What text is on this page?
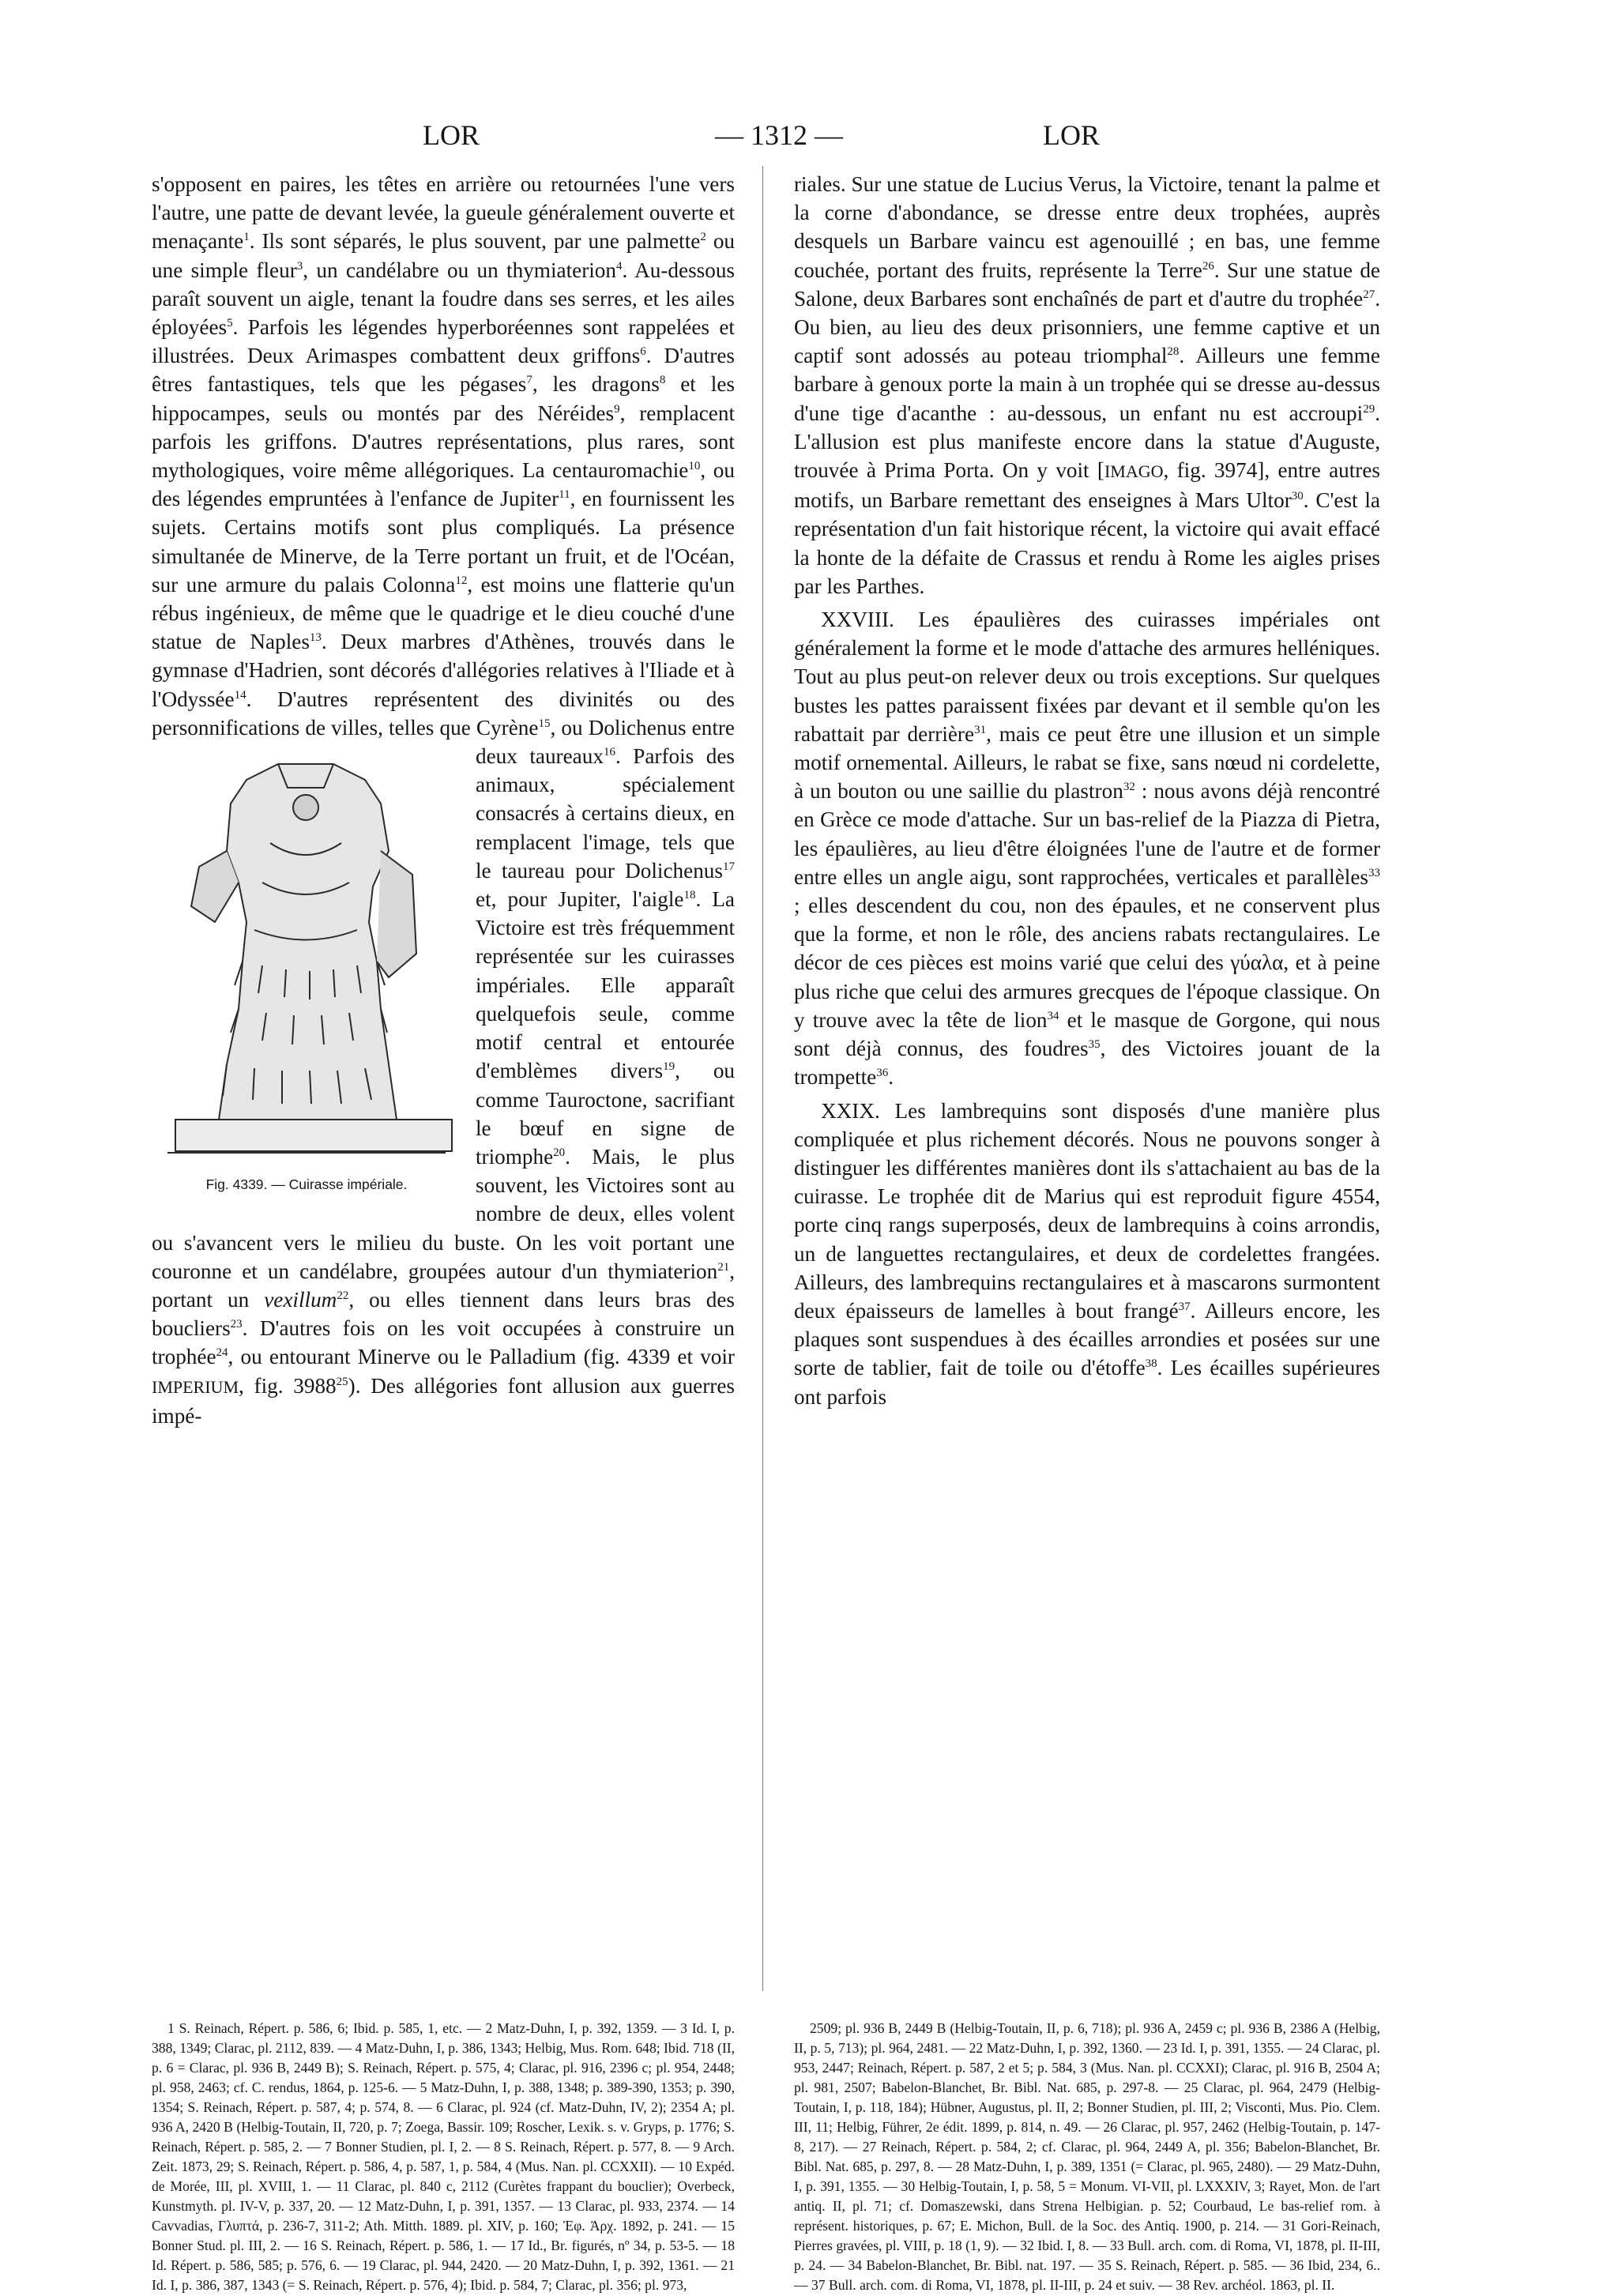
LOR	— 1312 —	LOR

s'opposent en paires, les têtes en arrière ou retournées l'une vers l'autre, une patte de devant levée, la gueule généralement ouverte et menaçante$^1$. Ils sont séparés, le plus souvent, par une palmette$^2$ ou une simple fleur$^3$, un candélabre ou un thymiaterion$^4$. Au-dessous paraît souvent un aigle, tenant la foudre dans ses serres, et les ailes éployées$^5$. Parfois les légendes hyperboréennes sont rappelées et illustrées. Deux Arimaspes combattent deux griffons$^6$. D'autres êtres fantastiques, tels que les pégases$^7$, les dragons$^8$ et les hippocampes, seuls ou montés par des Néréides$^9$, remplacent parfois les griffons. D'autres représentations, plus rares, sont mythologiques, voire même allégoriques. La centauromachie$^{10}$, ou des légendes empruntées à l'enfance de Jupiter$^{11}$, en fournissent les sujets. Certains motifs sont plus compliqués. La présence simultanée de Minerve, de la Terre portant un fruit, et de l'Océan, sur une armure du palais Colonna$^{12}$, est moins une flatterie qu'un rébus ingénieux, de même que le quadrige et le dieu couché d'une statue de Naples$^{13}$. Deux marbres d'Athènes, trouvés dans le gymnase d'Hadrien, sont décorés d'allégories relatives à l'Iliade et à l'Odyssée$^{14}$. D'autres représentent des divinités ou des personnifications de villes, telles que Cyrène
Fig. 4339. — Cuirasse impériale.
$^{15}$, ou Dolichenus entre deux taureaux$^{16}$. Parfois des animaux, spécialement consacrés à certains dieux, en remplacent l'image, tels que le taureau pour Dolichenus$^{17}$ et, pour Jupiter, l'aigle$^{18}$. La Victoire est très fréquemment représentée sur les cuirasses impériales. Elle apparaît quelquefois seule, comme motif central et entourée d'emblèmes divers$^{19}$, ou comme Tauroctone, sacrifiant le bœuf en signe de triomphe$^{20}$. Mais, le plus souvent, les Victoires sont au nombre de deux, elles volent ou s'avancent vers le milieu du buste. On les voit portant une couronne et un candélabre, groupées autour d'un thymiaterion$^{21}$, portant un vexillum$^{22}$, ou elles tiennent dans leurs bras des boucliers$^{23}$. D'autres fois on les voit occupées à construire un trophée$^{24}$, ou entourant Minerve ou le Palladium (fig. 4339 et voir IMPERIUM, fig. 3988$^{25}$). Des allégories font allusion aux guerres impé-

riales. Sur une statue de Lucius Verus, la Victoire, tenant la palme et la corne d'abondance, se dresse entre deux trophées, auprès desquels un Barbare vaincu est agenouillé ; en bas, une femme couchée, portant des fruits, représente la Terre$^{26}$. Sur une statue de Salone, deux Barbares sont enchaînés de part et d'autre du trophée$^{27}$. Ou bien, au lieu des deux prisonniers, une femme captive et un captif sont adossés au poteau triomphal$^{28}$. Ailleurs une femme barbare à genoux porte la main à un trophée qui se dresse au-dessus d'une tige d'acanthe : au-dessous, un enfant nu est accroupi$^{29}$. L'allusion est plus manifeste encore dans la statue d'Auguste, trouvée à Prima Porta. On y voit [IMAGO, fig. 3974], entre autres motifs, un Barbare remettant des enseignes à Mars Ultor$^{30}$. C'est la représentation d'un fait historique récent, la victoire qui avait effacé la honte de la défaite de Crassus et rendu à Rome les aigles prises par les Parthes.

XXVIII. Les épaulières des cuirasses impériales ont généralement la forme et le mode d'attache des armures helléniques. Tout au plus peut-on relever deux ou trois exceptions. Sur quelques bustes les pattes paraissent fixées par devant et il semble qu'on les rabattait par derrière$^{31}$, mais ce peut être une illusion et un simple motif ornemental. Ailleurs, le rabat se fixe, sans nœud ni cordelette, à un bouton ou une saillie du plastron$^{32}$ : nous avons déjà rencontré en Grèce ce mode d'attache. Sur un bas-relief de la Piazza di Pietra, les épaulières, au lieu d'être éloignées l'une de l'autre et de former entre elles un angle aigu, sont rapprochées, verticales et parallèles$^{33}$ ; elles descendent du cou, non des épaules, et ne conservent plus que la forme, et non le rôle, des anciens rabats rectangulaires. Le décor de ces pièces est moins varié que celui des γύαλα, et à peine plus riche que celui des armures grecques de l'époque classique. On y trouve avec la tête de lion$^{34}$ et le masque de Gorgone, qui nous sont déjà connus, des foudres$^{35}$, des Victoires jouant de la trompette$^{36}$.

XXIX. Les lambrequins sont disposés d'une manière plus compliquée et plus richement décorés. Nous ne pouvons songer à distinguer les différentes manières dont ils s'attachaient au bas de la cuirasse. Le trophée dit de Marius qui est reproduit figure 4554, porte cinq rangs superposés, deux de lambrequins à coins arrondis, un de languettes rectangulaires, et deux de cordelettes frangées. Ailleurs, des lambrequins rectangulaires et à mascarons surmontent deux épaisseurs de lamelles à bout frangé$^{37}$. Ailleurs encore, les plaques sont suspendues à des écailles arrondies et posées sur une sorte de tablier, fait de toile ou d'étoffe$^{38}$. Les écailles supérieures ont parfois

1 S. Reinach, Répert. p. 586, 6; Ibid. p. 585, 1, etc. — 2 Matz-Duhn, I, p. 392, 1359. — 3 Id. I, p. 388, 1349; Clarac, pl. 2112, 839. — 4 Matz-Duhn, I, p. 386, 1343; Helbig, Mus. Rom. 648; Ibid. 718 (II, p. 6 = Clarac, pl. 936 B, 2449 B); S. Reinach, Répert. p. 575, 4; Clarac, pl. 916, 2396 c; pl. 954, 2448; pl. 958, 2463; cf. C. rendus, 1864, p. 125-6. — 5 Matz-Duhn, I, p. 388, 1348; p. 389-390, 1353; p. 390, 1354; S. Reinach, Répert. p. 587, 4; p. 574, 8. — 6 Clarac, pl. 924 (cf. Matz-Duhn, IV, 2); 2354 A; pl. 936 A, 2420 B (Helbig-Toutain, II, 720, p. 7; Zoega, Bassir. 109; Roscher, Lexik. s. v. Gryps, p. 1776; S. Reinach, Répert. p. 585, 2. — 7 Bonner Studien, pl. I, 2. — 8 S. Reinach, Répert. p. 577, 8. — 9 Arch. Zeit. 1873, 29; S. Reinach, Répert. p. 586, 4, p. 587, 1, p. 584, 4 (Mus. Nan. pl. CCXXII). — 10 Expéd. de Morée, III, pl. XVIII, 1. — 11 Clarac, pl. 840 c, 2112 (Curètes frappant du bouclier); Overbeck, Kunstmyth. pl. IV-V, p. 337, 20. — 12 Matz-Duhn, I, p. 391, 1357. — 13 Clarac, pl. 933, 2374. — 14 Cavvadias, Γλυπτά, p. 236-7, 311-2; Ath. Mitth. 1889. pl. XIV, p. 160; Ἐφ. Ἀρχ. 1892, p. 241. — 15 Bonner Stud. pl. III, 2. — 16 S. Reinach, Répert. p. 586, 1. — 17 Id., Br. figurés, nº 34, p. 53-5. — 18 Id. Répert. p. 586, 585; p. 576, 6. — 19 Clarac, pl. 944, 2420. — 20 Matz-Duhn, I, p. 392, 1361. — 21 Id. I, p. 386, 387, 1343 (= S. Reinach, Répert. p. 576, 4); Ibid. p. 584, 7; Clarac, pl. 356; pl. 973,

2509; pl. 936 B, 2449 B (Helbig-Toutain, II, p. 6, 718); pl. 936 A, 2459 c; pl. 936 B, 2386 A (Helbig, II, p. 5, 713); pl. 964, 2481. — 22 Matz-Duhn, I, p. 392, 1360. — 23 Id. I, p. 391, 1355. — 24 Clarac, pl. 953, 2447; Reinach, Répert. p. 587, 2 et 5; p. 584, 3 (Mus. Nan. pl. CCXXI); Clarac, pl. 916 B, 2504 A; pl. 981, 2507; Babelon-Blanchet, Br. Bibl. Nat. 685, p. 297-8. — 25 Clarac, pl. 964, 2479 (Helbig-Toutain, I, p. 118, 184); Hübner, Augustus, pl. II, 2; Bonner Studien, pl. III, 2; Visconti, Mus. Pio. Clem. III, 11; Helbig, Führer, 2e édit. 1899, p. 814, n. 49. — 26 Clarac, pl. 957, 2462 (Helbig-Toutain, p. 147-8, 217). — 27 Reinach, Répert. p. 584, 2; cf. Clarac, pl. 964, 2449 A, pl. 356; Babelon-Blanchet, Br. Bibl. Nat. 685, p. 297, 8. — 28 Matz-Duhn, I, p. 389, 1351 (= Clarac, pl. 965, 2480). — 29 Matz-Duhn, I, p. 391, 1355. — 30 Helbig-Toutain, I, p. 58, 5 = Monum. VI-VII, pl. LXXXIV, 3; Rayet, Mon. de l'art antiq. II, pl. 71; cf. Domaszewski, dans Strena Helbigian. p. 52; Courbaud, Le bas-relief rom. à représent. historiques, p. 67; E. Michon, Bull. de la Soc. des Antiq. 1900, p. 214. — 31 Gori-Reinach, Pierres gravées, pl. VIII, p. 18 (1, 9). — 32 Ibid. I, 8. — 33 Bull. arch. com. di Roma, VI, 1878, pl. II-III, p. 24. — 34 Babelon-Blanchet, Br. Bibl. nat. 197. — 35 S. Reinach, Répert. p. 585. — 36 Ibid, 234, 6.. — 37 Bull. arch. com. di Roma, VI, 1878, pl. II-III, p. 24 et suiv. — 38 Rev. archéol. 1863, pl. II.
